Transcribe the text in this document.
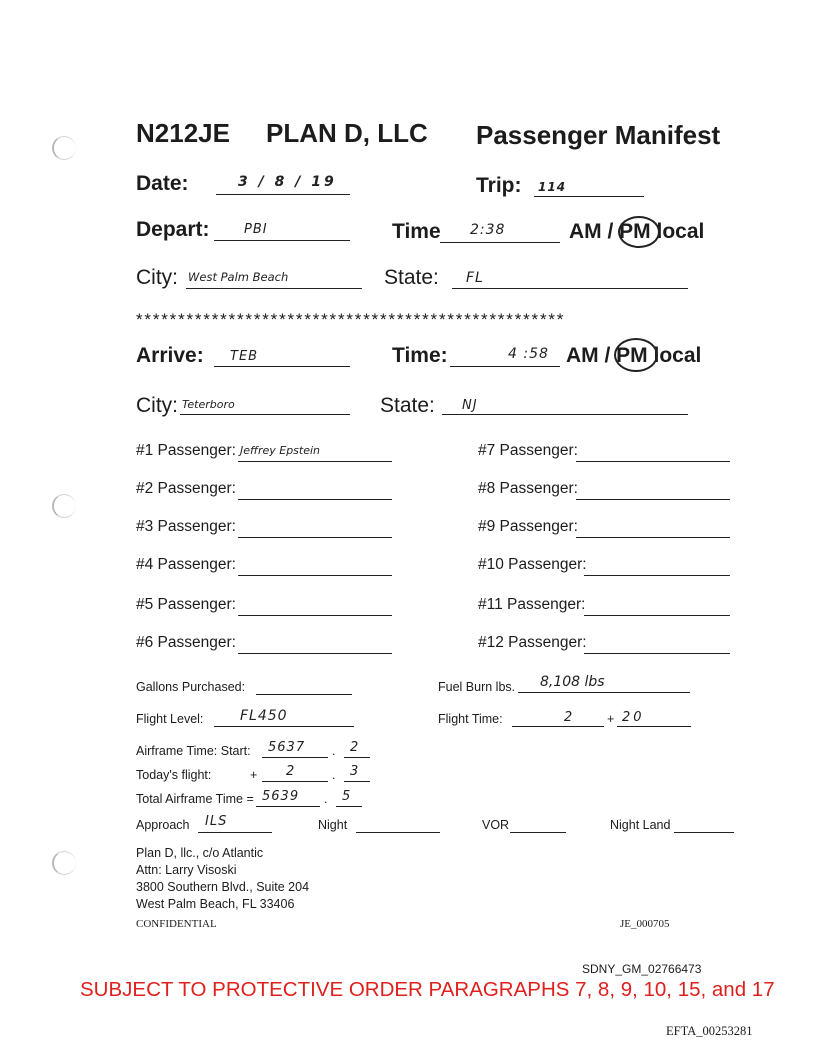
N212JE PLAN D, LLC Passenger Manifest
Date:	3 / 8 / 19	Trip: 114
Depart:	PBI	Time 2:38	AM / PM local
City: West Palm Beach	State: FL
***************************************************
Arrive: TEB	Time:	4 :58 AM / PM local
City: Teterboro	State: NJ
#1 Passenger: Jeffrey Epstein
#2 Passenger:
#3 Passenger:
#4 Passenger:
#5 Passenger:
#6 Passenger:
#7 Passenger:
#8 Passenger:
#9 Passenger:
#10 Passenger:
#11 Passenger:
#12 Passenger:
Gallons Purchased:	Fuel Burn lbs. 8,108 lbs
Flight Level:	FL450	Flight Time:	2	+ 20
Airframe Time: Start: 5637 . 2
Today's flight:	+ 2	. 3
Total Airframe Time = 5639 . 5
Approach ILS	Night	VOR	Night Land
Plan D, llc., c/o Atlantic
Attn: Larry Visoski
3800 Southern Blvd., Suite 204
West Palm Beach, FL 33406
CONFIDENTIAL	JE_000705
SDNY_GM_02766473
SUBJECT TO PROTECTIVE ORDER PARAGRAPHS 7, 8, 9, 10, 15, and 17
EFTA_00253281
